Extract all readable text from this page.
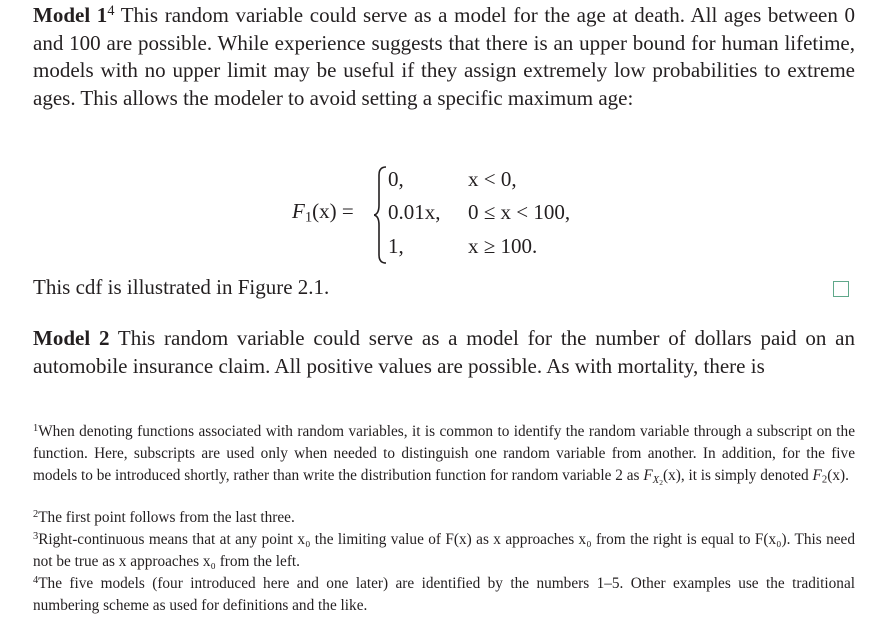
Model $1^4$ This random variable could serve as a model for the age at death. All ages between 0 and 100 are possible. While experience suggests that there is an upper bound for human lifetime, models with no upper limit may be useful if they assign extremely low probabilities to extreme ages. This allows the modeler to avoid setting a specific maximum age:

$F_1(x)$ =
0,	x < 0,
0.01x, 0 ≤ x < 100,
1,	x ≥ 100.

This cdf is illustrated in Figure 2.1.

Model 2 This random variable could serve as a model for the number of dollars paid on an automobile insurance claim. All positive values are possible. As with mortality, there is

$^1$When denoting functions associated with random variables, it is common to identify the random variable through a subscript on the function. Here, subscripts are used only when needed to distinguish one random variable from another. In addition, for the five models to be introduced shortly, rather than write the distribution function for random variable 2 as $F_{X_2}(x)$, it is simply denoted $F_2(x)$.

$^2$The first point follows from the last three.

$^3$Right-continuous means that at any point x₀ the limiting value of F(x) as x approaches x₀ from the right is equal to F(x₀). This need not be true as x approaches x₀ from the left.

$^4$The five models (four introduced here and one later) are identified by the numbers 1–5. Other examples use the traditional numbering scheme as used for definitions and the like.
